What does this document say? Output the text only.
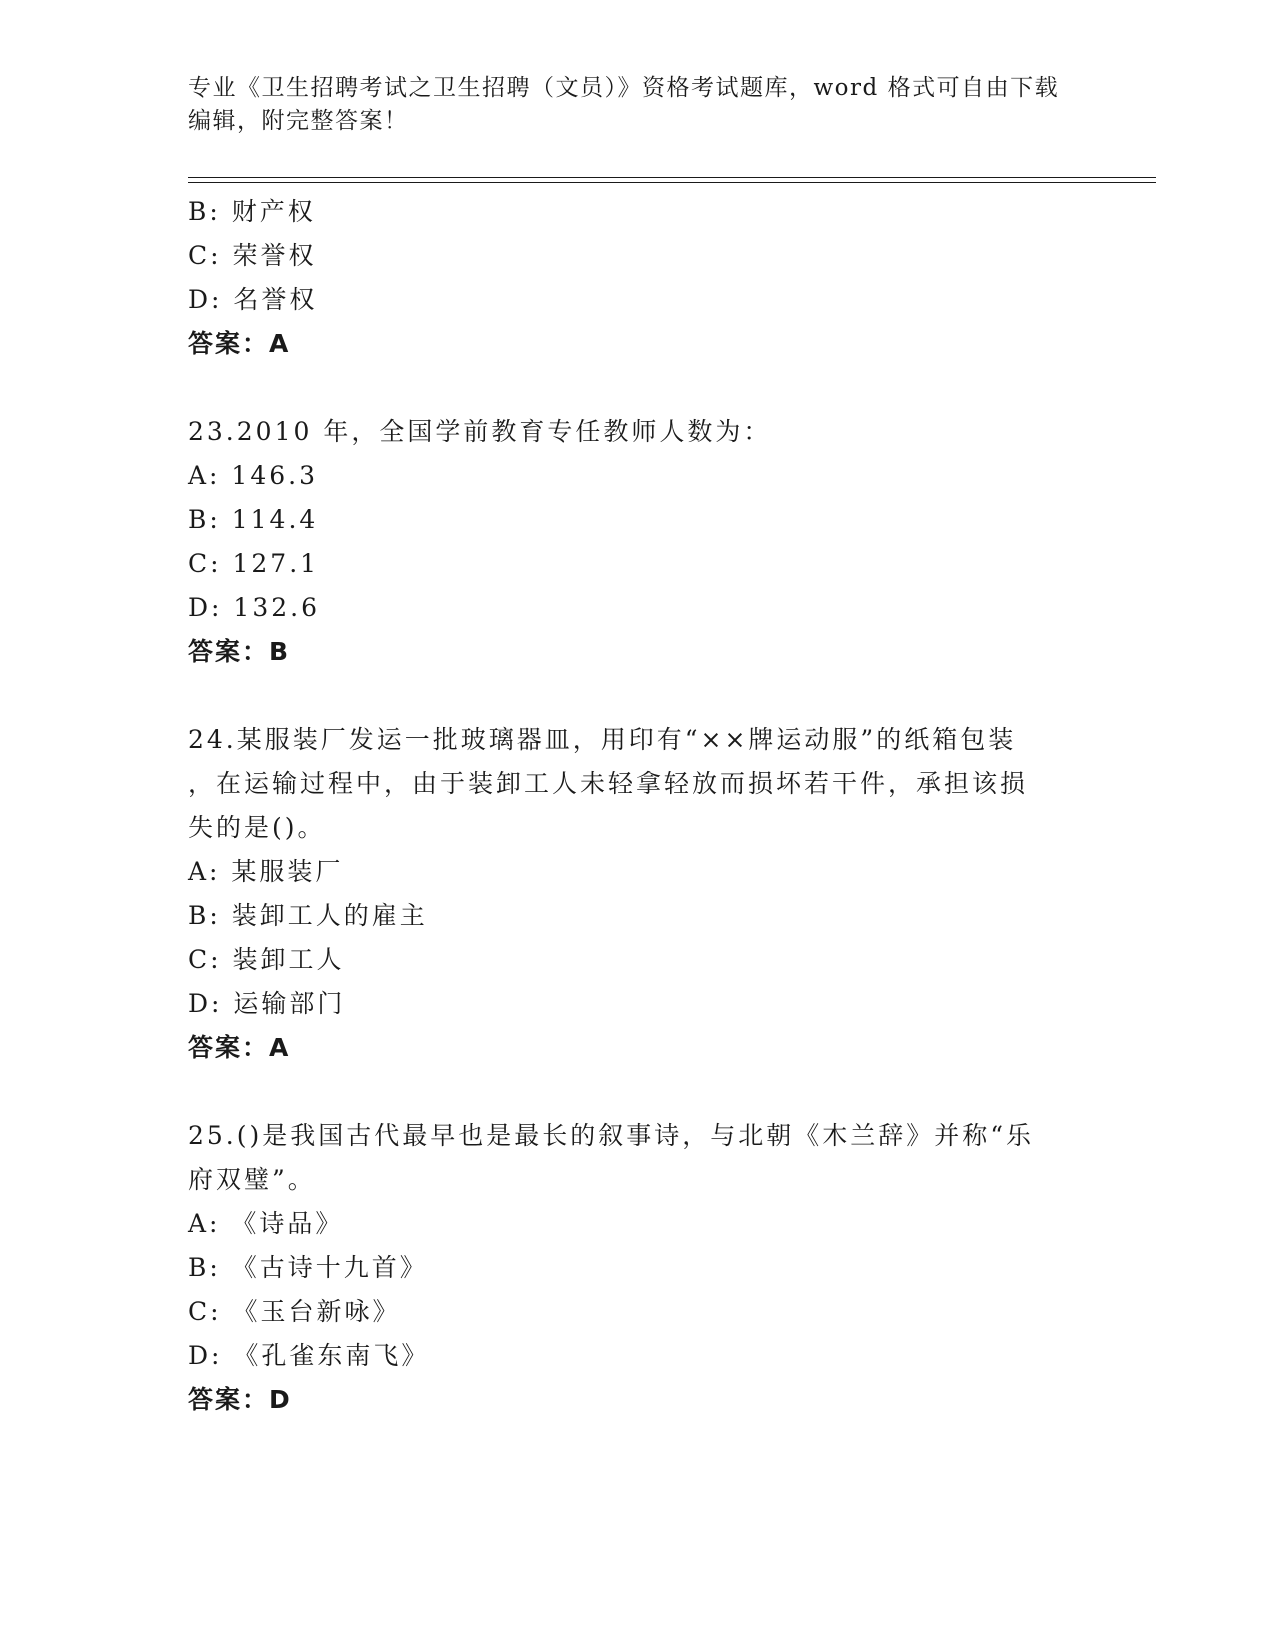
专业《卫生招聘考试之卫生招聘（文员）》资格考试题库，word 格式可自由下载
编辑，附完整答案！
B: 财产权
C: 荣誉权
D: 名誉权
答案：A
23.2010 年，全国学前教育专任教师人数为：
A: 146.3
B: 114.4
C: 127.1
D: 132.6
答案：B
24.某服装厂发运一批玻璃器皿，用印有“××牌运动服”的纸箱包装
，在运输过程中，由于装卸工人未轻拿轻放而损坏若干件，承担该损
失的是()。
A: 某服装厂
B: 装卸工人的雇主
C: 装卸工人
D: 运输部门
答案：A
25.()是我国古代最早也是最长的叙事诗，与北朝《木兰辞》并称“乐
府双璧”。
A: 《诗品》
B: 《古诗十九首》
C: 《玉台新咏》
D: 《孔雀东南飞》
答案：D
